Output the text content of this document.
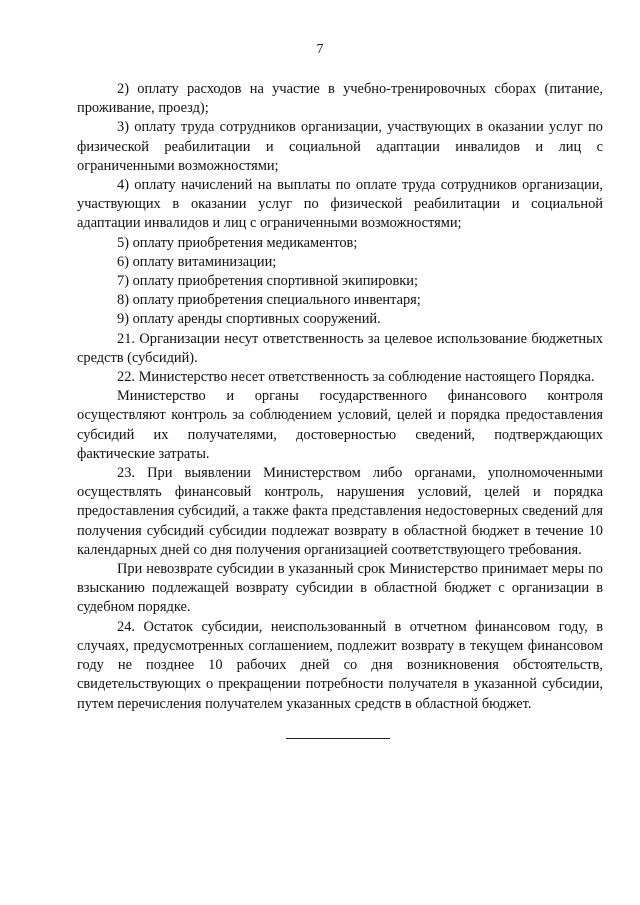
7

2) оплату расходов на участие в учебно-тренировочных сборах (питание, проживание, проезд);

3) оплату труда сотрудников организации, участвующих в оказании услуг по физической реабилитации и социальной адаптации инвалидов и лиц с ограниченными возможностями;

4) оплату начислений на выплаты по оплате труда сотрудников организации, участвующих в оказании услуг по физической реабилитации и социальной адаптации инвалидов и лиц с ограниченными возможностями;

5) оплату приобретения медикаментов;

6) оплату витаминизации;

7) оплату приобретения спортивной экипировки;

8) оплату приобретения специального инвентаря;

9) оплату аренды спортивных сооружений.

21. Организации несут ответственность за целевое использование бюджетных средств (субсидий).

22. Министерство несет ответственность за соблюдение настоящего Порядка.

Министерство и органы государственного финансового контроля осуществляют контроль за соблюдением условий, целей и порядка предоставления субсидий их получателями, достоверностью сведений, подтверждающих фактические затраты.

23. При выявлении Министерством либо органами, уполномоченными осуществлять финансовый контроль, нарушения условий, целей и порядка предоставления субсидий, а также факта представления недостоверных сведений для получения субсидий субсидии подлежат возврату в областной бюджет в течение 10 календарных дней со дня получения организацией соответствующего требования.

При невозврате субсидии в указанный срок Министерство принимает меры по взысканию подлежащей возврату субсидии в областной бюджет с организации в судебном порядке.

24. Остаток субсидии, неиспользованный в отчетном финансовом году, в случаях, предусмотренных соглашением, подлежит возврату в текущем финансовом году не позднее 10 рабочих дней со дня возникновения обстоятельств, свидетельствующих о прекращении потребности получателя в указанной субсидии, путем перечисления получателем указанных средств в областной бюджет.
